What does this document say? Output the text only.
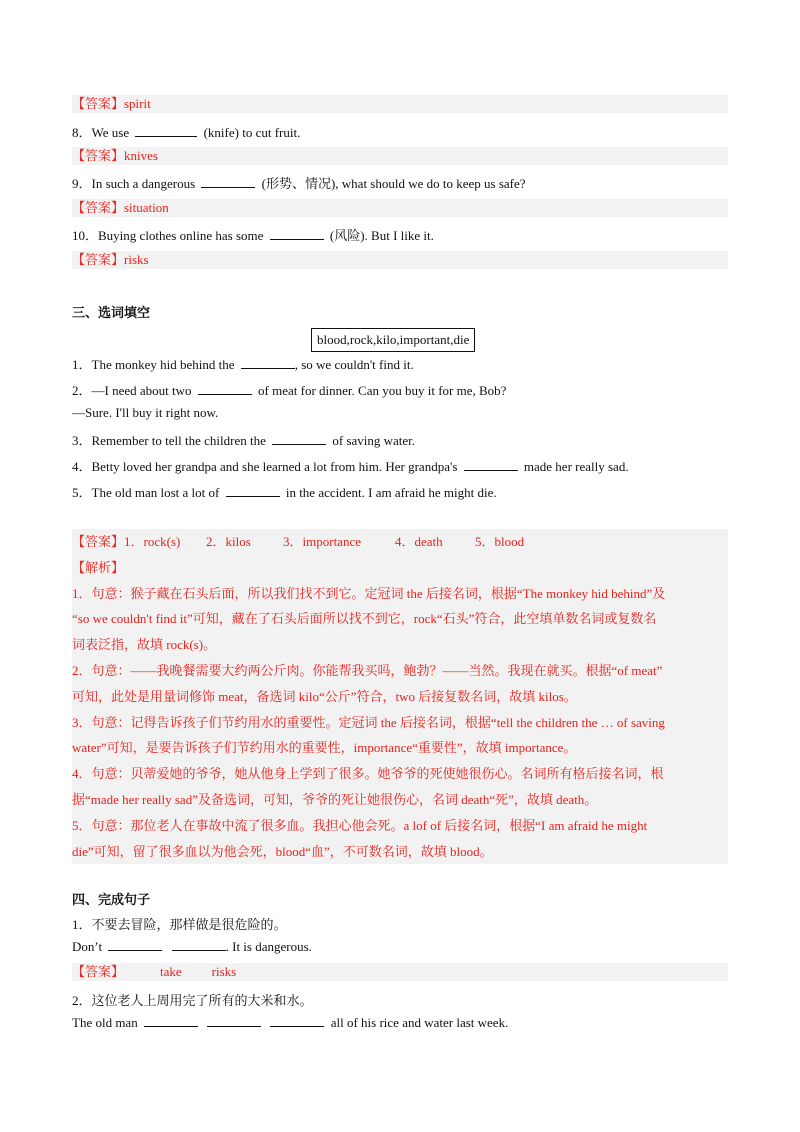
【答案】spirit
8．We use	(knife) to cut fruit.
【答案】knives
9．In such a dangerous	(形势、情况), what should we do to keep us safe?
【答案】situation
10．Buying clothes online has some	(风险). But I like it.
【答案】risks
三、选词填空
blood,rock,kilo,important,die
1．The monkey hid behind the	, so we couldn't find it.
2．—I need about two	of meat for dinner. Can you buy it for me, Bob?
—Sure. I'll buy it right now.
3．Remember to tell the children the	of saving water.
4．Betty loved her grandpa and she learned a lot from him. Her grandpa's	made her really sad.
5．The old man lost a lot of	in the accident. I am afraid he might die.
【答案】1．rock(s) 2．kilos 3．importance	4．death 5．blood
【解析】
1．句意：猴子藏在石头后面，所以我们找不到它。定冠词 the 后接名词，根据“The monkey hid behind”及
“so we couldn't find it”可知，藏在了石头后面所以找不到它，rock“石头”符合，此空填单数名词或复数名
词表泛指，故填 rock(s)。
2．句意：——我晚餐需要大约两公斤肉。你能帮我买吗，鲍勃？——当然。我现在就买。根据“of meat”
可知，此处是用量词修饰 meat，备选词 kilo“公斤”符合，two 后接复数名词，故填 kilos。
3．句意：记得告诉孩子们节约用水的重要性。定冠词 the 后接名词，根据“tell the children the … of saving
water”可知，是要告诉孩子们节约用水的重要性，importance“重要性”，故填 importance。
4．句意：贝蒂爱她的爷爷，她从他身上学到了很多。她爷爷的死使她很伤心。名词所有格后接名词，根
据“made her really sad”及备选词，可知，爷爷的死让她很伤心，名词 death“死”，故填 death。
5．句意：那位老人在事故中流了很多血。我担心他会死。a lof of 后接名词，根据“I am afraid he might
die”可知，留了很多血以为他会死，blood“血”，不可数名词，故填 blood。
四、完成句子
1．不要去冒险，那样做是很危险的。
Don’t	. It is dangerous.
【答案】	take risks
2．这位老人上周用完了所有的大米和水。
The old man	all of his rice and water last week.
